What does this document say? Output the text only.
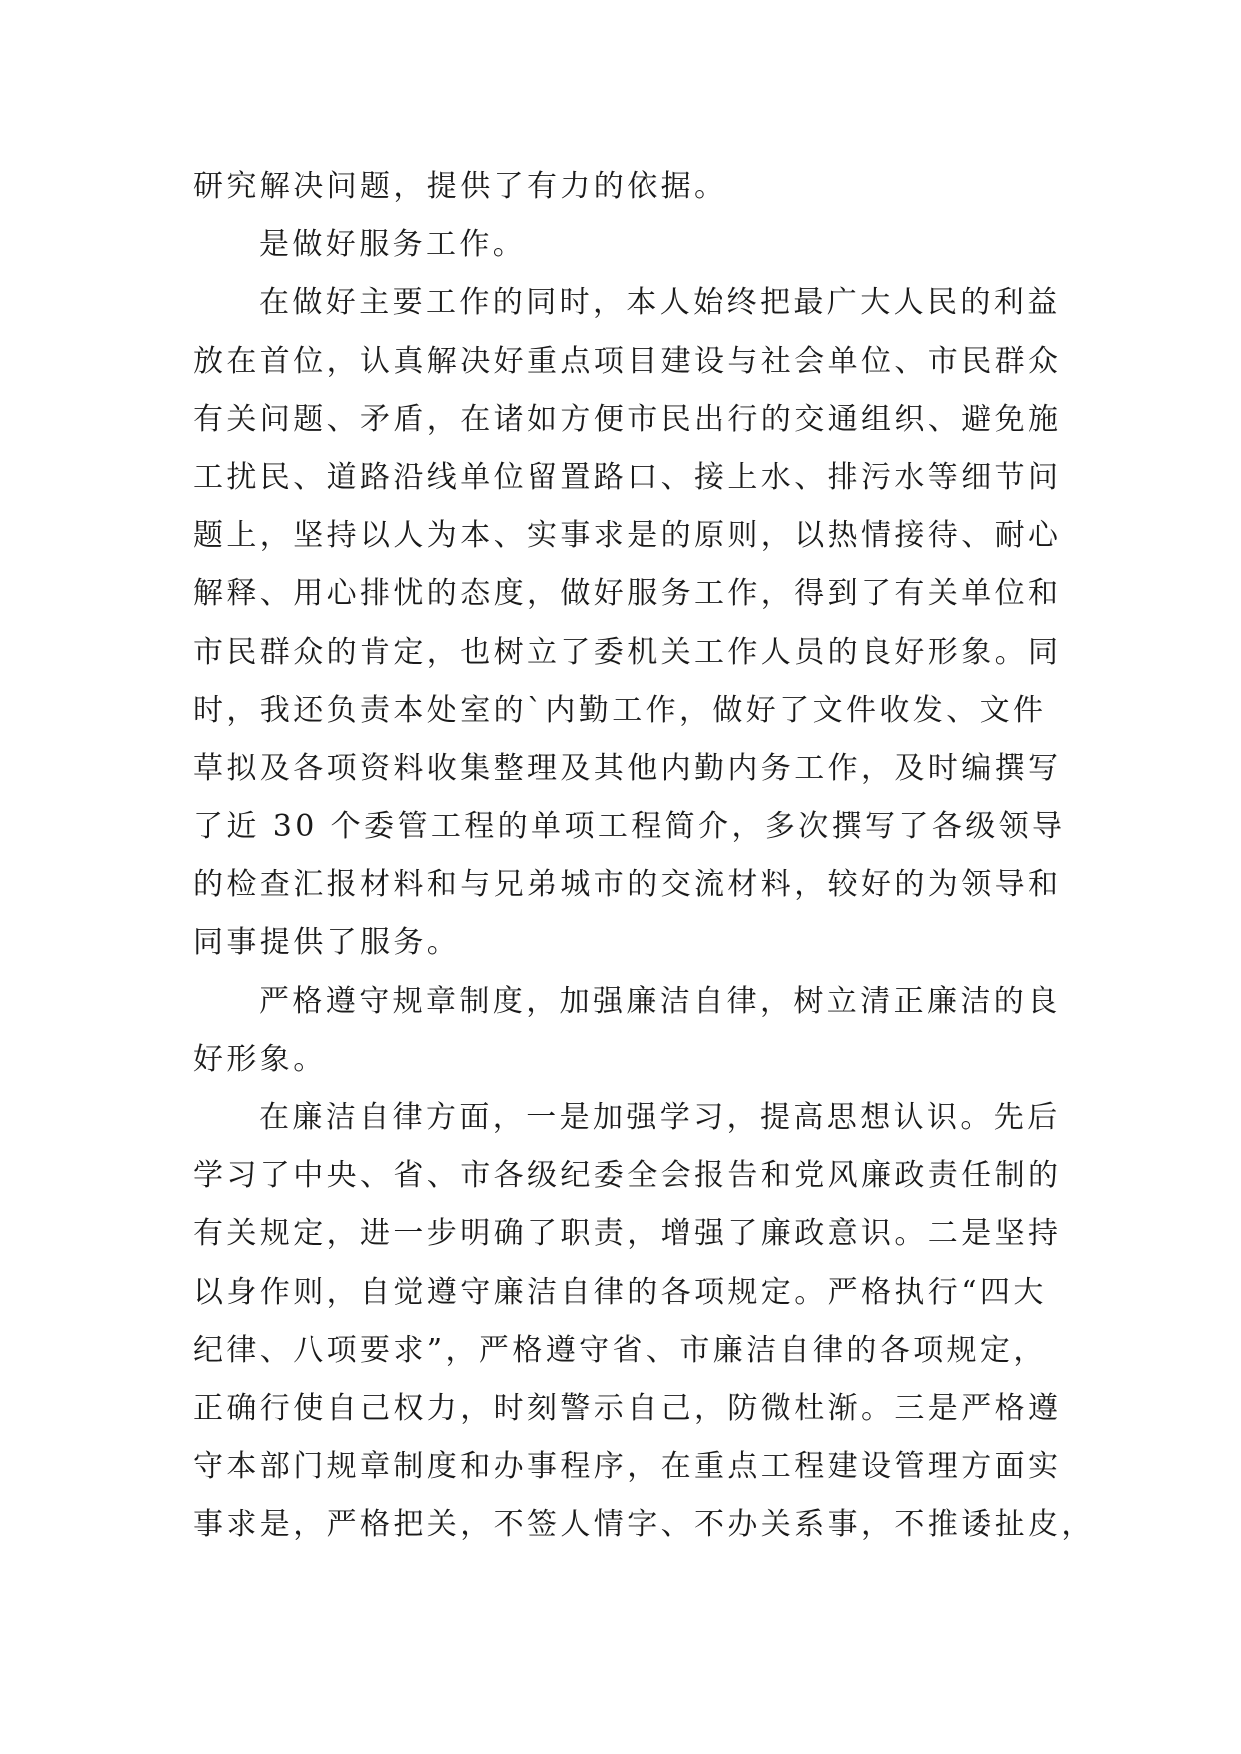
研究解决问题，提供了有力的依据。
是做好服务工作。
在做好主要工作的同时，本人始终把最广大人民的利益
放在首位，认真解决好重点项目建设与社会单位、市民群众
有关问题、矛盾，在诸如方便市民出行的交通组织、避免施
工扰民、道路沿线单位留置路口、接上水、排污水等细节问
题上，坚持以人为本、实事求是的原则，以热情接待、耐心
解释、用心排忧的态度，做好服务工作，得到了有关单位和
市民群众的肯定，也树立了委机关工作人员的良好形象。同
时，我还负责本处室的`内勤工作，做好了文件收发、文件
草拟及各项资料收集整理及其他内勤内务工作，及时编撰写
了近 30 个委管工程的单项工程简介，多次撰写了各级领导
的检查汇报材料和与兄弟城市的交流材料，较好的为领导和
同事提供了服务。
严格遵守规章制度，加强廉洁自律，树立清正廉洁的良
好形象。
在廉洁自律方面，一是加强学习，提高思想认识。先后
学习了中央、省、市各级纪委全会报告和党风廉政责任制的
有关规定，进一步明确了职责，增强了廉政意识。二是坚持
以身作则，自觉遵守廉洁自律的各项规定。严格执行“四大
纪律、八项要求”，严格遵守省、市廉洁自律的各项规定，
正确行使自己权力，时刻警示自己，防微杜渐。三是严格遵
守本部门规章制度和办事程序，在重点工程建设管理方面实
事求是，严格把关，不签人情字、不办关系事，不推诿扯皮，
